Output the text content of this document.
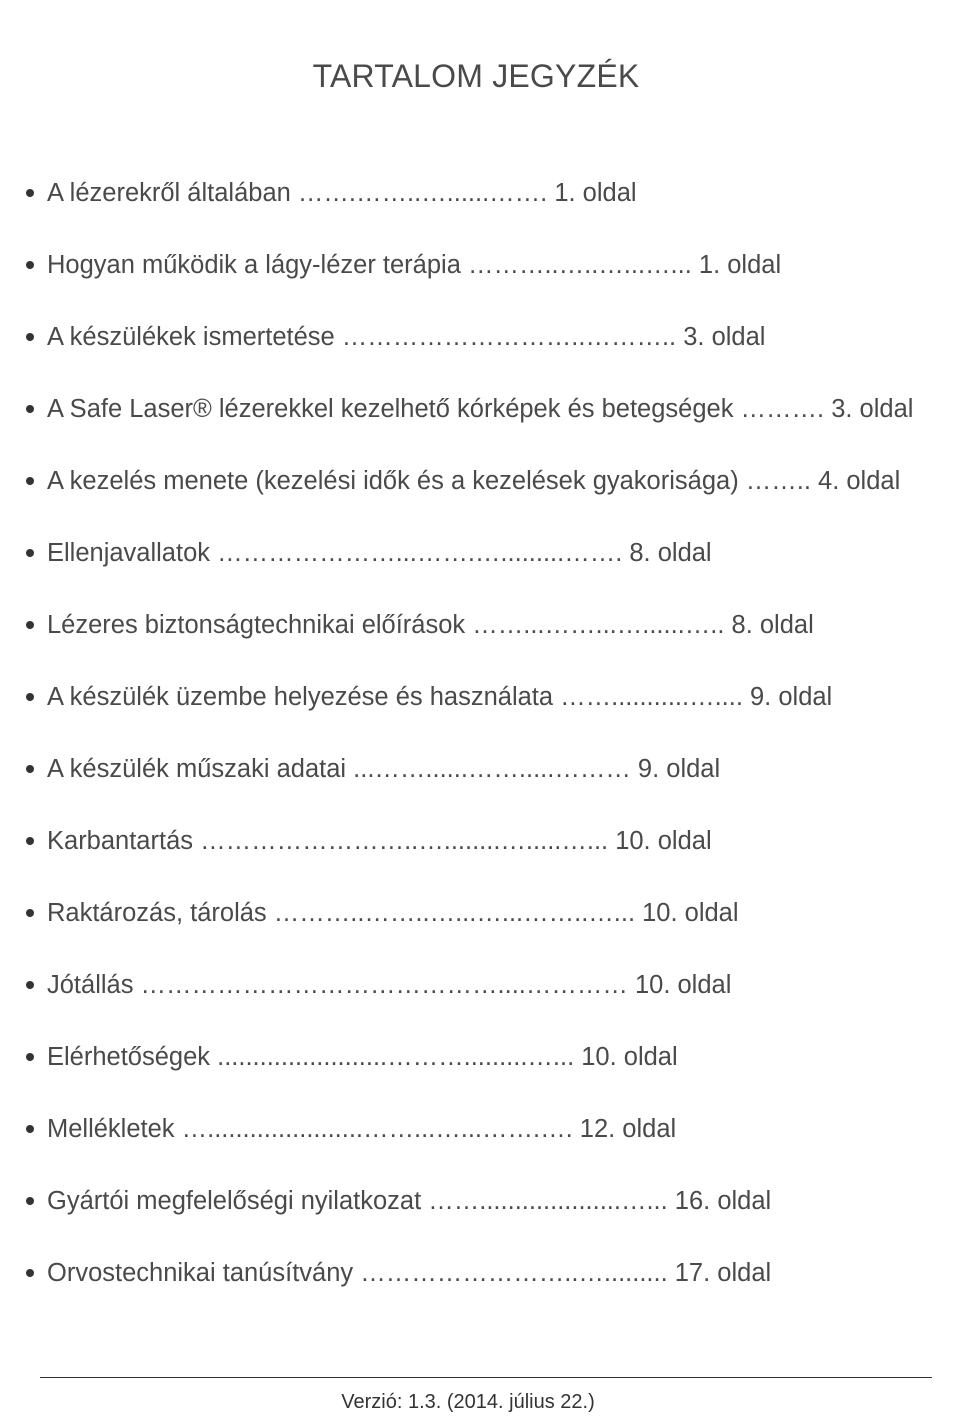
TARTALOM JEGYZÉK
A lézerekről általában …….……..…......……. 1. oldal
Hogyan működik a lágy-lézer terápia ………..…..…...…... 1. oldal
A készülékek ismertetése ………………………..……….. 3. oldal
A Safe Laser® lézerekkel kezelhető kórképek és betegségek ………. 3. oldal
A kezelés menete (kezelési idők és a kezelések gyakorisága) …….. 4. oldal
Ellenjavallatok …………………...…….….........……. 8. oldal
Lézeres biztonságtechnikai előírások ……...……...…......….. 8. oldal
A készülék üzembe helyezése és használata ……...........….... 9. oldal
A készülék műszaki adatai ...……......…….....……… 9. oldal
Karbantartás ……………………..…........….....…... 10. oldal
Raktározás, tárolás ………..……..…...…...……..…... 10. oldal
Jótállás ……………………………………....………… 10. oldal
Elérhetőségek ........................……….........…... 10. oldal
Mellékletek …......................……...…...…….…. 12. oldal
Gyártói megfelelőségi nyilatkozat ……....................…... 16. oldal
Orvostechnikai tanúsítvány ……………………..…......... 17. oldal
Verzió: 1.3. (2014. július 22.)
